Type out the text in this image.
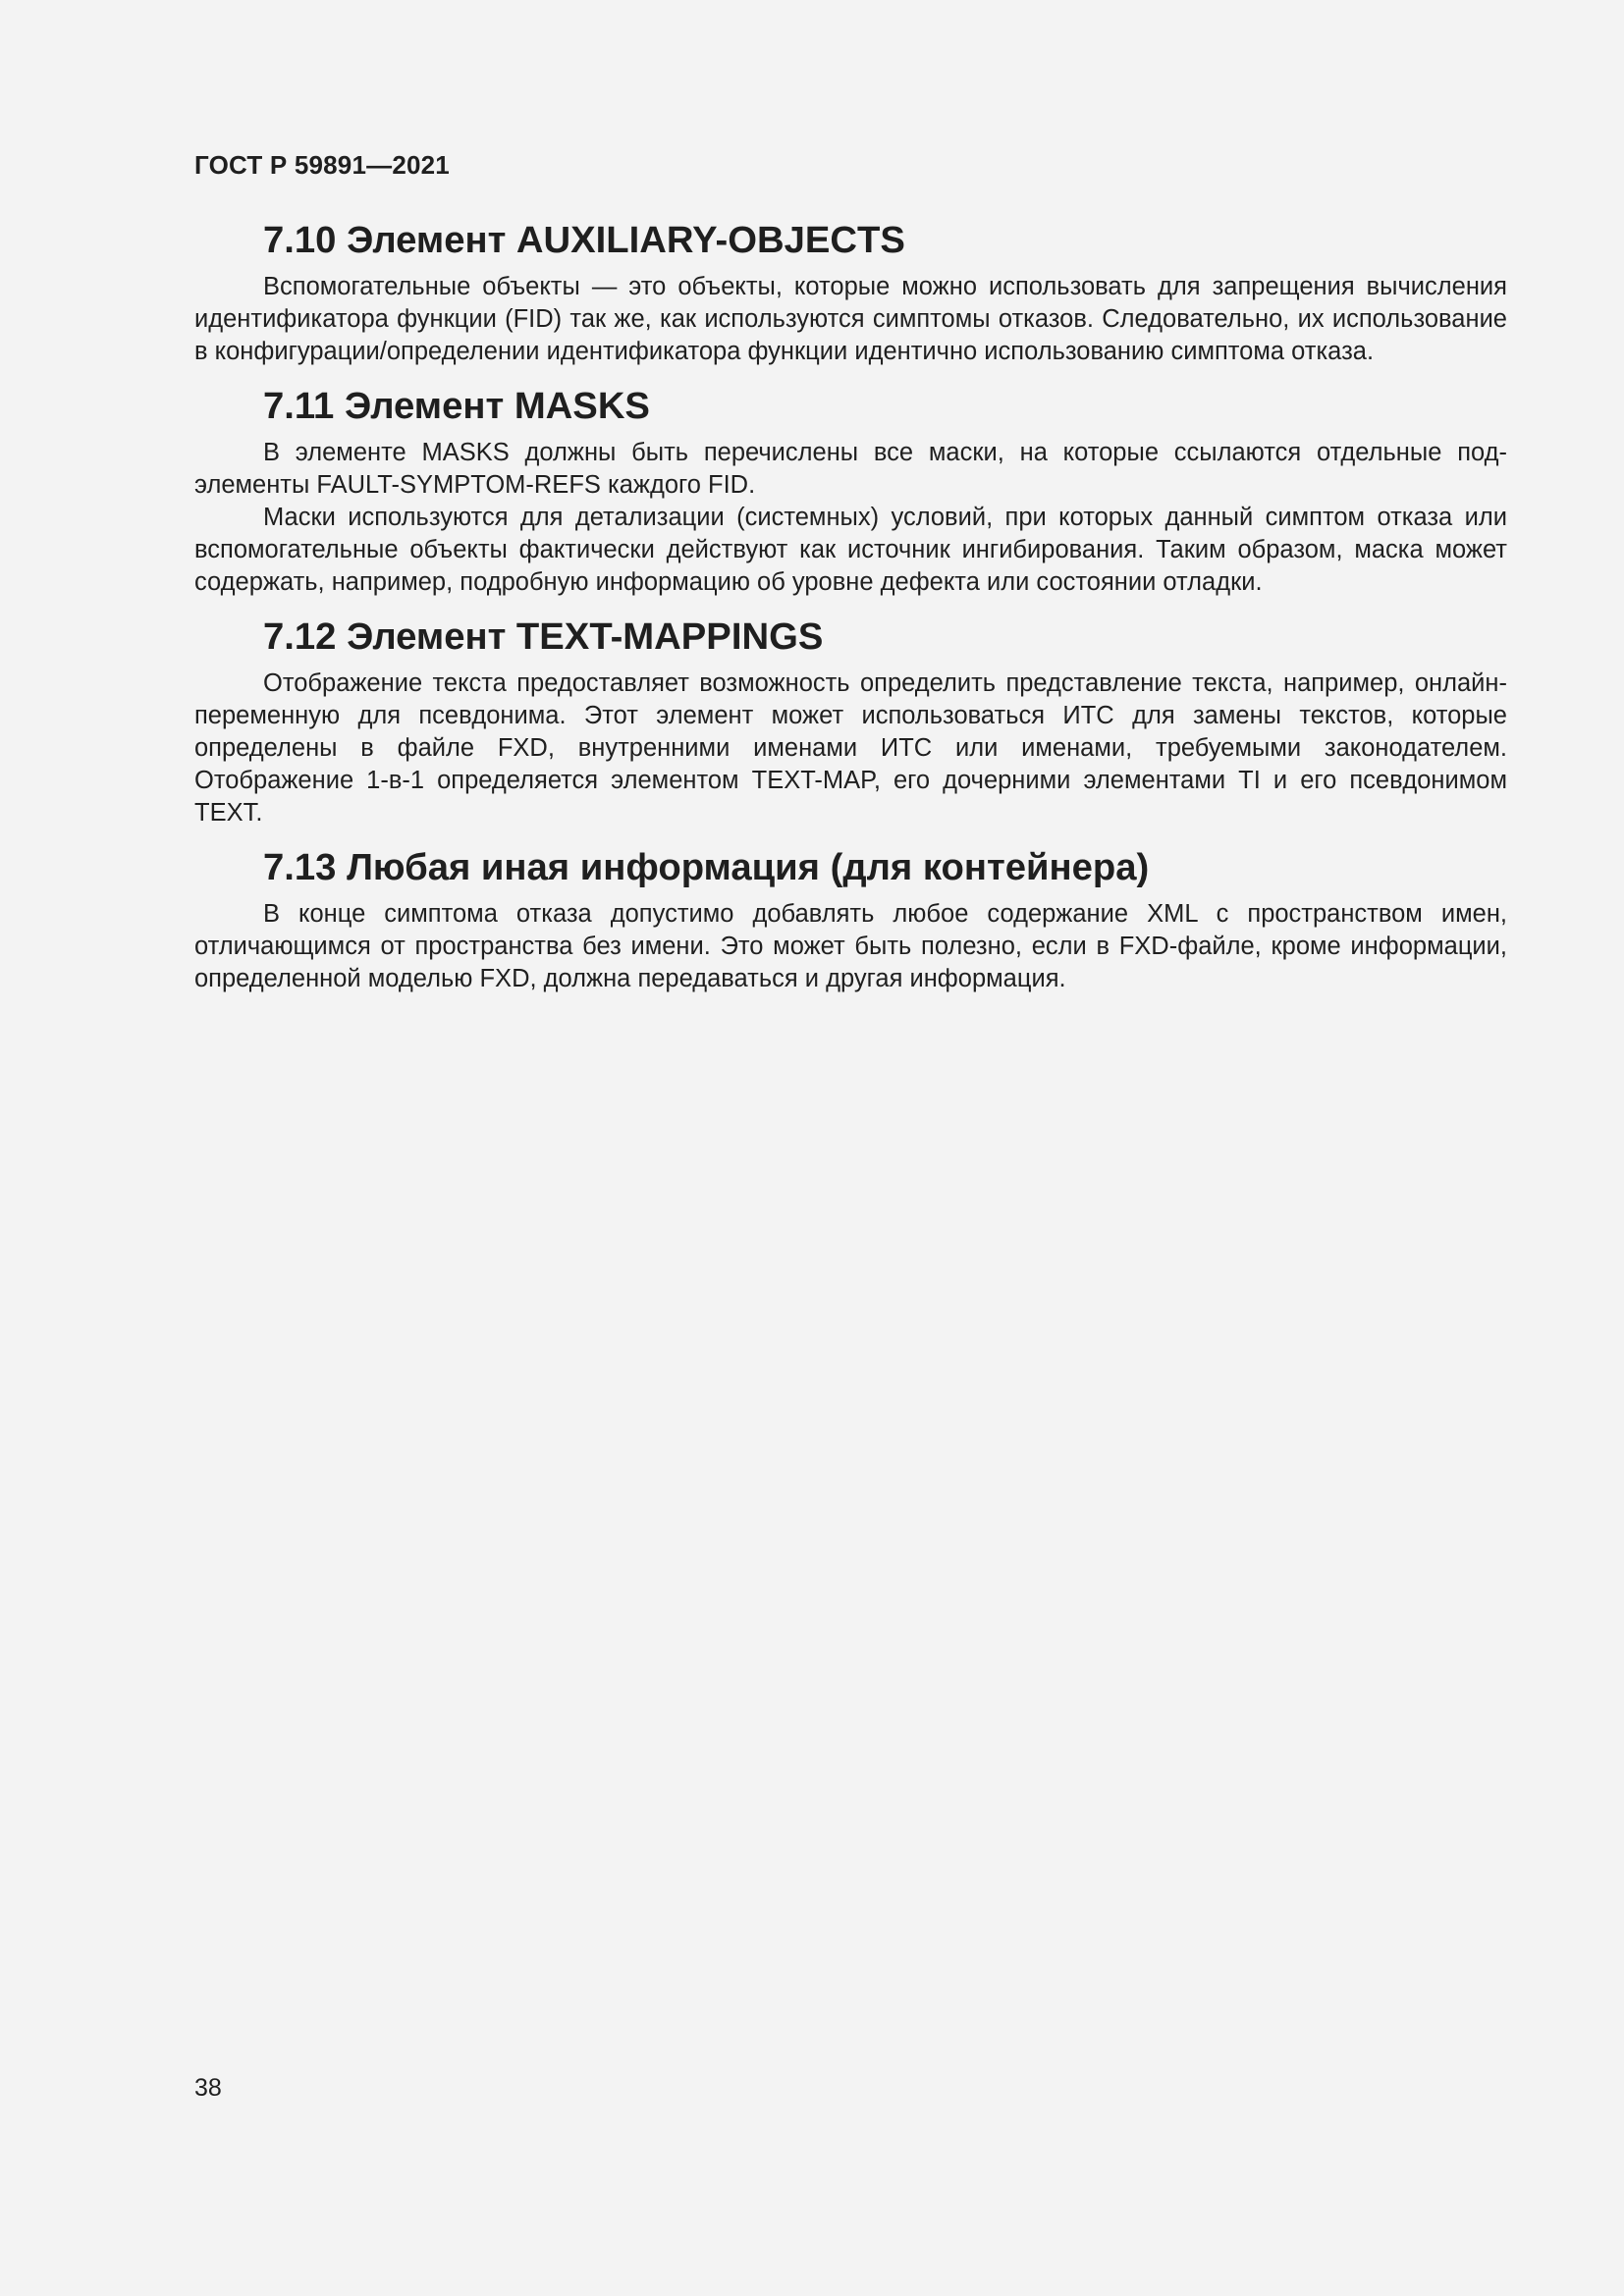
ГОСТ Р 59891—2021
7.10 Элемент AUXILIARY-OBJECTS

Вспомогательные объекты — это объекты, которые можно использовать для запрещения вычисления идентификатора функции (FID) так же, как используются симптомы отказов. Следовательно, их использование в конфигурации/определении идентификатора функции идентично использованию симптома отказа.

7.11 Элемент MASKS

В элементе MASKS должны быть перечислены все маски, на которые ссылаются отдельные подэлементы FAULT-SYMPTOM-REFS каждого FID.

Маски используются для детализации (системных) условий, при которых данный симптом отказа или вспомогательные объекты фактически действуют как источник ингибирования. Таким образом, маска может содержать, например, подробную информацию об уровне дефекта или состоянии отладки.

7.12 Элемент TEXT-MAPPINGS

Отображение текста предоставляет возможность определить представление текста, например, онлайн-переменную для псевдонима. Этот элемент может использоваться ИТС для замены текстов, которые определены в файле FXD, внутренними именами ИТС или именами, требуемыми законодателем. Отображение 1-в-1 определяется элементом TEXT-MAP, его дочерними элементами TI и его псевдонимом TEXT.

7.13 Любая иная информация (для контейнера)

В конце симптома отказа допустимо добавлять любое содержание XML с пространством имен, отличающимся от пространства без имени. Это может быть полезно, если в FXD-файле, кроме информации, определенной моделью FXD, должна передаваться и другая информация.

38
